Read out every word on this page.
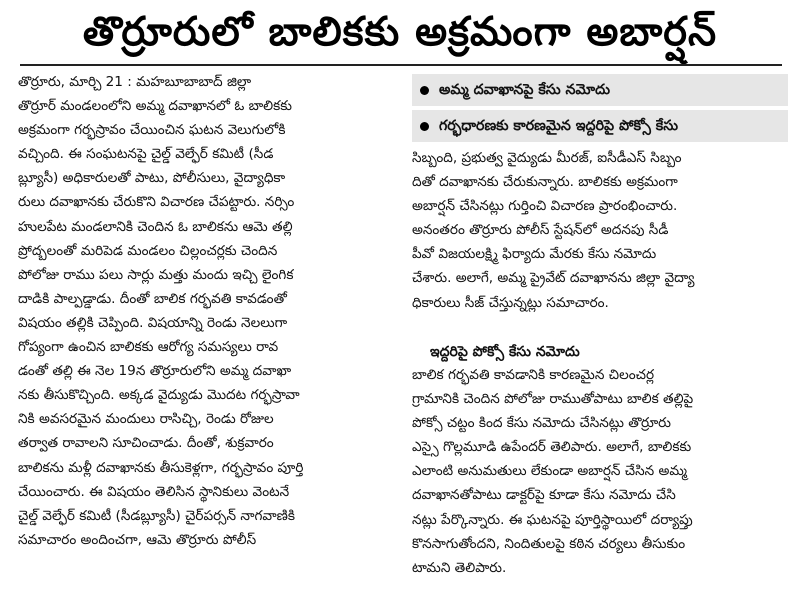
తొర్రూరులో బాలికకు అక్రమంగా అబార్షన్
తొర్రూరు, మార్చి 21 : మహబూబాబాద్ జిల్లా
తొర్రూర్ మండలంలోని అమ్మ దవాఖానలో ఓ బాలికకు
అక్రమంగా గర్భస్రావం చేయించిన ఘటన వెలుగులోకి
వచ్చింది. ఈ సంఘటనపై చైల్డ్ వెల్ఫేర్ కమిటీ (సీడ
బ్ల్యూసీ) అధికారులతో పాటు, పోలీసులు, వైద్యాధికా
రులు దవాఖానకు చేరుకొని విచారణ చేపట్టారు. నర్సిం
హులపేట మండలానికి చెందిన ఓ బాలికను ఆమె తల్లి
ప్రోద్బలంతో మరిపెడ మండలం చిల్లంచర్లకు చెందిన
పోలోజు రాము పలు సార్లు మత్తు మందు ఇచ్చి లైంగిక
దాడికి పాల్పడ్డాడు. దీంతో బాలిక గర్భవతి కావడంతో
విషయం తల్లికి చెప్పింది. విషయాన్ని రెండు నెలలుగా
గోప్యంగా ఉంచిన బాలికకు ఆరోగ్య సమస్యలు రావ
డంతో తల్లి ఈ నెల 19న తొర్రూరులోని అమ్మ దవాఖా
నకు తీసుకొచ్చింది. అక్కడ వైద్యుడు మొదట గర్భస్రావా
నికి అవసరమైన మందులు రాసిచ్చి, రెండు రోజుల
తర్వాత రావాలని సూచించాడు. దీంతో, శుక్రవారం
బాలికను మళ్లీ దవాఖానకు తీసుకెళ్లగా, గర్భస్రావం పూర్తి
చేయించారు. ఈ విషయం తెలిసిన స్థానికులు వెంటనే
చైల్డ్ వెల్ఫేర్ కమిటీ (సీడబ్ల్యూసీ) చైర్‌పర్సన్ నాగవాణికి
సమాచారం అందించగా, ఆమె తొర్రూరు పోలీస్
అమ్మ దవాఖానపై కేసు నమోదు
గర్భధారణకు కారణమైన ఇద్దరిపై పోక్సో కేసు
సిబ్బంది, ప్రభుత్వ వైద్యుడు మీరజ్, ఐసీడీఎస్ సిబ్బం
దితో దవాఖానకు చేరుకున్నారు. బాలికకు అక్రమంగా
అబార్షన్ చేసినట్లు గుర్తించి విచారణ ప్రారంభించారు.
అనంతరం తొర్రూరు పోలీస్ స్టేషన్‌లో అదనపు సీడీ
పీవో విజయలక్ష్మి ఫిర్యాదు మేరకు కేసు నమోదు
చేశారు. అలాగే, అమ్మ ప్రైవేట్ దవాఖానను జిల్లా వైద్యా
ధికారులు సీజ్ చేస్తున్నట్లు సమాచారం.
ఇద్దరిపై పోక్సో కేసు నమోదు
బాలిక గర్భవతి కావడానికి కారణమైన చిలంచర్ల
గ్రామానికి చెందిన పోలోజు రాముతోపాటు బాలిక తల్లిపై
పోక్సో చట్టం కింద కేసు నమోదు చేసినట్లు తొర్రూరు
ఎస్సై గొల్లమూడి ఉపేందర్ తెలిపారు. అలాగే, బాలికకు
ఎలాంటి అనుమతులు లేకుండా అబార్షన్ చేసిన అమ్మ
దవాఖానతోపాటు డాక్టర్‌పై కూడా కేసు నమోదు చేసి
నట్లు పేర్కొన్నారు. ఈ ఘటనపై పూర్తిస్థాయిలో దర్యాప్తు
కొనసాగుతోందని, నిందితులపై కఠిన చర్యలు తీసుకుం
టామని తెలిపారు.
